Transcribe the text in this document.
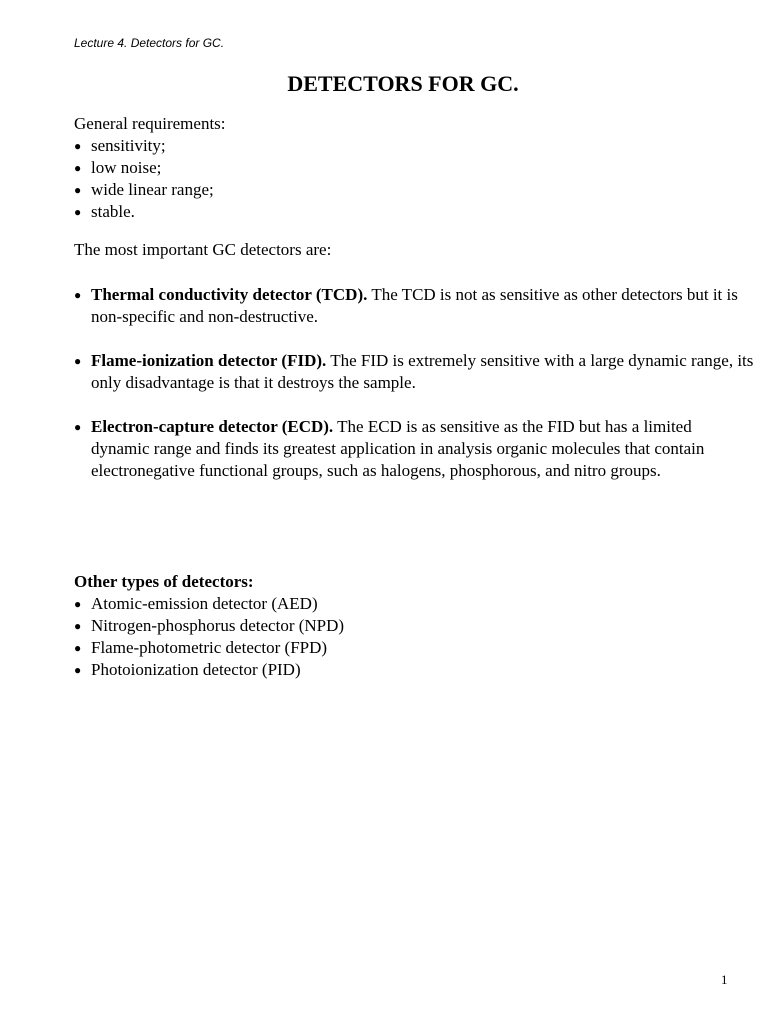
Lecture 4. Detectors for GC.
DETECTORS FOR GC.

General requirements:

● sensitivity;
● low noise;
● wide linear range;
● stable.

The most important GC detectors are:

● Thermal conductivity detector (TCD). The TCD is not as sensitive as other detectors but it is non-specific and non-destructive.
● Flame-ionization detector (FID). The FID is extremely sensitive with a large dynamic range, its only disadvantage is that it destroys the sample.
● Electron-capture detector (ECD). The ECD is as sensitive as the FID but has a limited dynamic range and finds its greatest application in analysis organic molecules that contain electronegative functional groups, such as halogens, phosphorous, and nitro groups.

Other types of detectors:

● Atomic-emission detector (AED)
● Nitrogen-phosphorus detector (NPD)
● Flame-photometric detector (FPD)
● Photoionization detector (PID)
1
